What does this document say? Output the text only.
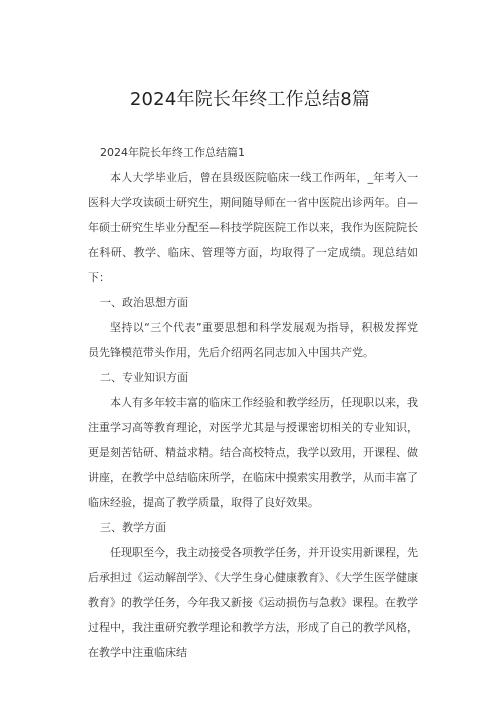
2024年院长年终工作总结8篇
2024年院长年终工作总结篇1

本人大学毕业后，曾在县级医院临床一线工作两年，_年考入一医科大学攻读硕士研究生，期间随导师在一省中医院出诊两年。自—年硕士研究生毕业分配至—科技学院医院工作以来，我作为医院院长在科研、教学、临床、管理等方面，均取得了一定成绩。现总结如下：

一、政治思想方面

坚持以“三个代表”重要思想和科学发展观为指导，积极发挥党员先锋模范带头作用，先后介绍两名同志加入中国共产党。

二、专业知识方面

本人有多年较丰富的临床工作经验和教学经历，任现职以来，我注重学习高等教育理论，对医学尤其是与授课密切相关的专业知识，更是刻苦钻研、精益求精。结合高校特点，我学以致用，开课程、做讲座，在教学中总结临床所学，在临床中摸索实用教学，从而丰富了临床经验，提高了教学质量，取得了良好效果。

三、教学方面

任现职至今，我主动接受各项教学任务，并开设实用新课程，先后承担过《运动解剖学》、《大学生身心健康教育》、《大学生医学健康教育》的教学任务，今年我又新接《运动损伤与急救》课程。在教学过程中，我注重研究教学理论和教学方法，形成了自己的教学风格，在教学中注重临床结
